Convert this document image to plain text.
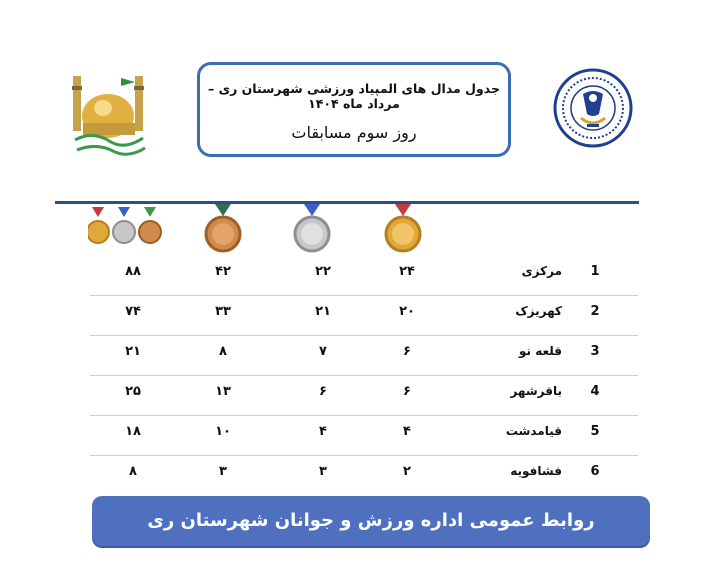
جدول مدال های المپیاد ورزشی شهرستان ری –مرداد ماه ۱۴۰۴
روز سوم مسابقات
۸۸	۴۲	۲۲	۲۴	مرکزی	1
۷۴	۳۳	۲۱	۲۰	کهریزک	2
۲۱	۸	۷	۶	قلعه نو	3
۲۵	۱۳	۶	۶	باقرشهر	4
۱۸	۱۰	۴	۴	قیامدشت	5
۸	۳	۳	۲	فشافویه	6
روابط عمومی اداره ورزش و جوانان شهرستان ری
